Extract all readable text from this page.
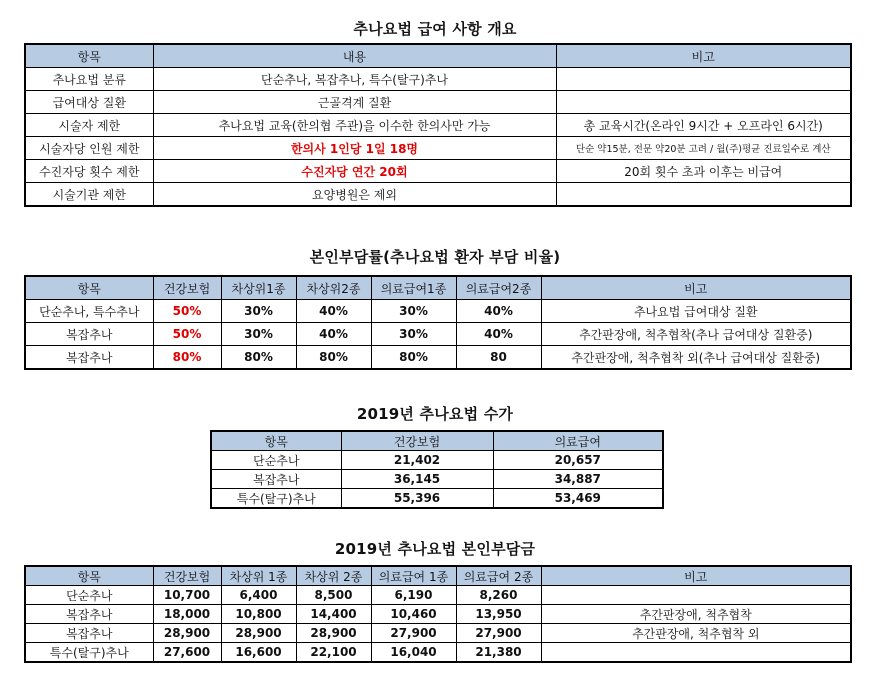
추나요법 급여 사항 개요
항목	내용	비고
추나요법 분류	단순추나, 복잡추나, 특수(탈구)추나	
급여대상 질환	근골격계 질환	
시술자 제한	추나요법 교육(한의협 주관)을 이수한 한의사만 가능	총 교육시간(온라인 9시간 + 오프라인 6시간)
시술자당 인원 제한	한의사 1인당 1일 18명	단순 약15분, 전문 약20분 고려 / 월(주)평균 진료일수로 계산
수진자당 횟수 제한	수진자당 연간 20회	20회 횟수 초과 이후는 비급여
시술기관 제한	요양병원은 제외	
본인부담률(추나요법 환자 부담 비율)
항목	건강보험	차상위1종	차상위2종	의료급여1종	의료급여2종	비고
단순추나, 특수추나	50%	30%	40%	30%	40%	추나요법 급여대상 질환
복잡추나	50%	30%	40%	30%	40%	추간판장애, 척추협착(추나 급여대상 질환중)
복잡추나	80%	80%	80%	80%	80	추간판장애, 척추협착 외(추나 급여대상 질환중)
2019년 추나요법 수가
항목	건강보험	의료급여
단순추나	21,402	20,657
복잡추나	36,145	34,887
특수(탈구)추나	55,396	53,469
2019년 추나요법 본인부담금
항목	건강보험	차상위 1종	차상위 2종	의료급여 1종	의료급여 2종	비고
단순추나	10,700	6,400	8,500	6,190	8,260	
복잡추나	18,000	10,800	14,400	10,460	13,950	추간판장애, 척추협착
복잡추나	28,900	28,900	28,900	27,900	27,900	추간판장애, 척추협착 외
특수(탈구)추나	27,600	16,600	22,100	16,040	21,380	
